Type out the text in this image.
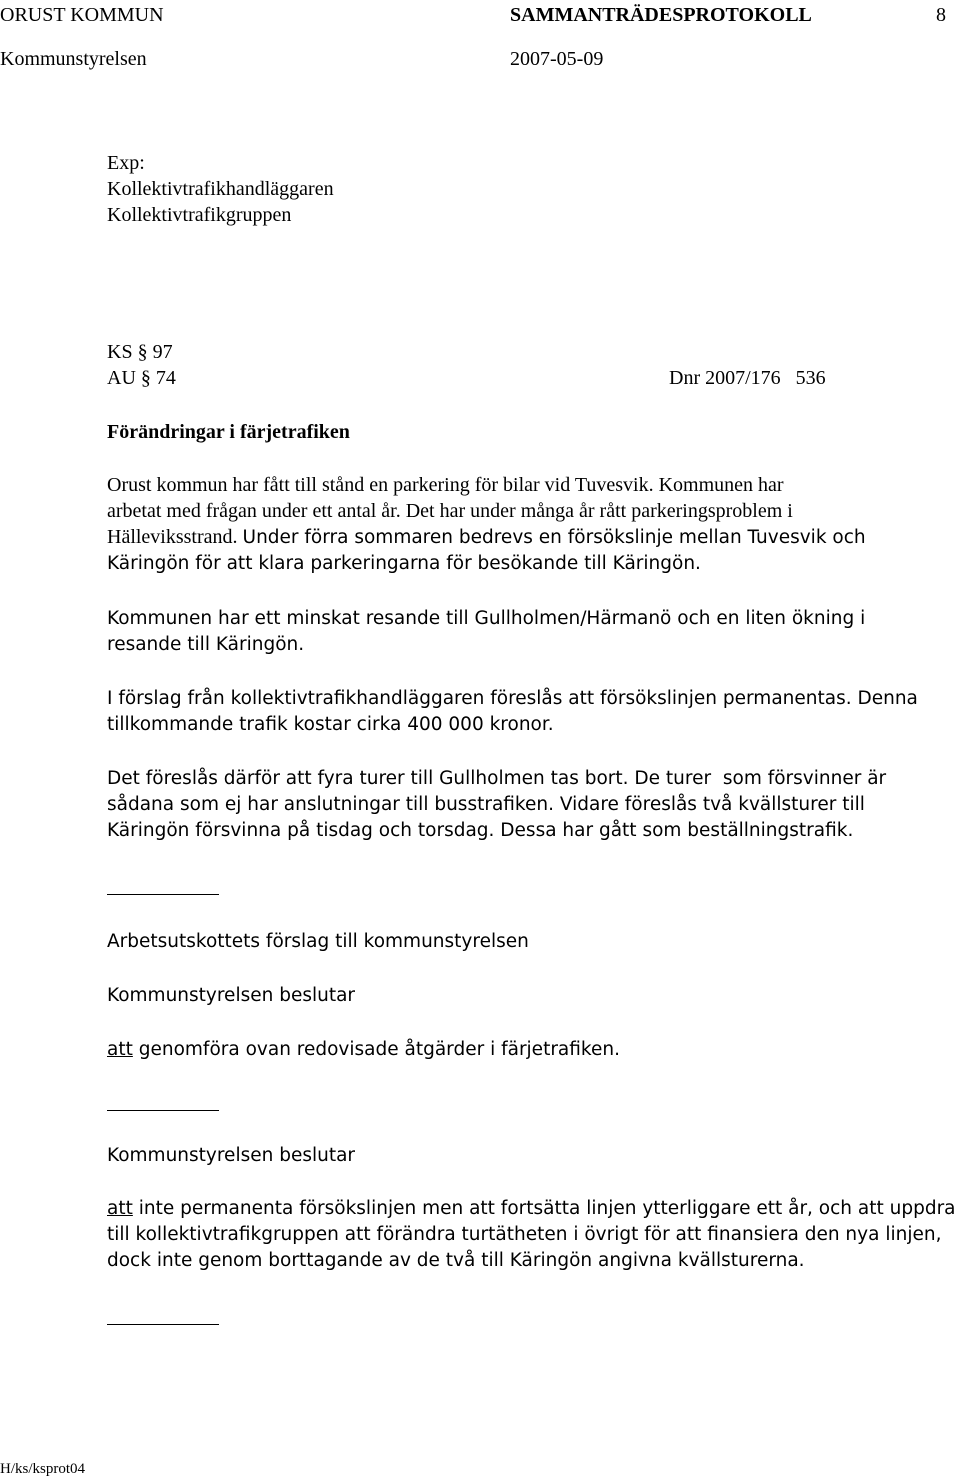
ORUST KOMMUN	SAMMANTRÄDESPROTOKOLL	8
Kommunstyrelsen	2007-05-09
Exp:
Kollektivtrafikhandläggaren
Kollektivtrafikgruppen
KS § 97
AU § 74	Dnr 2007/176   536
Förändringar i färjetrafiken
Orust kommun har fått till stånd en parkering för bilar vid Tuvesvik. Kommunen har
arbetat med frågan under ett antal år. Det har under många år rått parkeringsproblem i
Hälleviksstrand. Under förra sommaren bedrevs en försökslinje mellan Tuvesvik och
Käringön för att klara parkeringarna för besökande till Käringön.
Kommunen har ett minskat resande till Gullholmen/Härmanö och en liten ökning i
resande till Käringön.
I förslag från kollektivtrafikhandläggaren föreslås att försökslinjen permanentas. Denna
tillkommande trafik kostar cirka 400 000 kronor.
Det föreslås därför att fyra turer till Gullholmen tas bort. De turer  som försvinner är
sådana som ej har anslutningar till busstrafiken. Vidare föreslås två kvällsturer till
Käringön försvinna på tisdag och torsdag. Dessa har gått som beställningstrafik.
Arbetsutskottets förslag till kommunstyrelsen
Kommunstyrelsen beslutar
att genomföra ovan redovisade åtgärder i färjetrafiken.
Kommunstyrelsen beslutar
att inte permanenta försökslinjen men att fortsätta linjen ytterliggare ett år, och att uppdra
till kollektivtrafikgruppen att förändra turtätheten i övrigt för att finansiera den nya linjen,
dock inte genom borttagande av de två till Käringön angivna kvällsturerna.
H/ks/ksprot04
